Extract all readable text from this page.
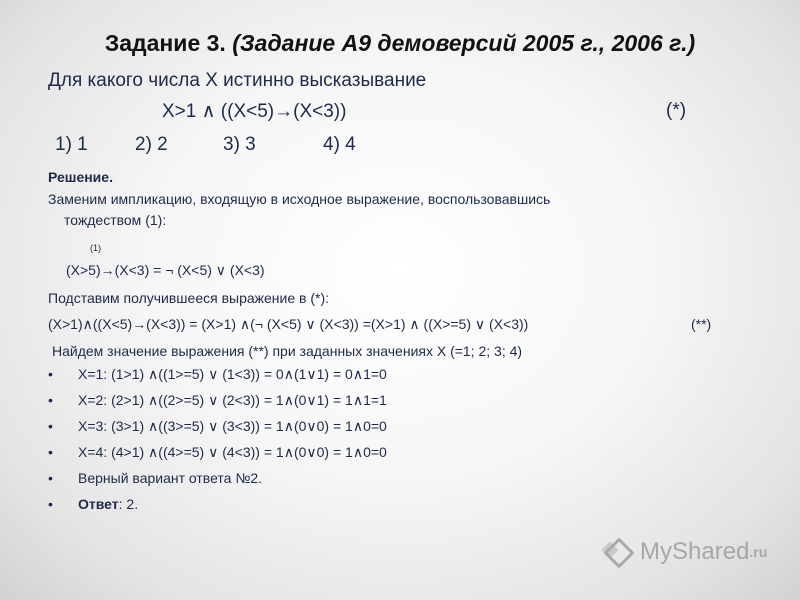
Задание 3. (Задание А9 демоверсий 2005 г., 2006 г.)
Для какого числа X истинно высказывание
X>1 ∧ ((X<5)→(X<3))	(*)
1) 1 2) 2	3) 3	4) 4
Решение.
Заменим импликацию, входящую в исходное выражение, воспользовавшись
тождеством (1):
(1)
(X>5)→(X<3) = ¬ (X<5) ∨ (X<3)
Подставим получившееся выражение в (*):
(X>1)∧((X<5)→(X<3)) = (X>1) ∧(¬ (X<5) ∨ (X<3)) =(X>1) ∧ ((X>=5) ∨ (X<3))	(**)
Найдем значение выражения (**) при заданных значениях X (=1; 2; 3; 4)
• X=1: (1>1) ∧((1>=5) ∨ (1<3)) = 0∧(1∨1) = 0∧1=0
• X=2: (2>1) ∧((2>=5) ∨ (2<3)) = 1∧(0∨1) = 1∧1=1
• X=3: (3>1) ∧((3>=5) ∨ (3<3)) = 1∧(0∨0) = 1∧0=0
• X=4: (4>1) ∧((4>=5) ∨ (4<3)) = 1∧(0∨0) = 1∧0=0
• Верный вариант ответа №2.
• Ответ: 2.
MyShared.ru
